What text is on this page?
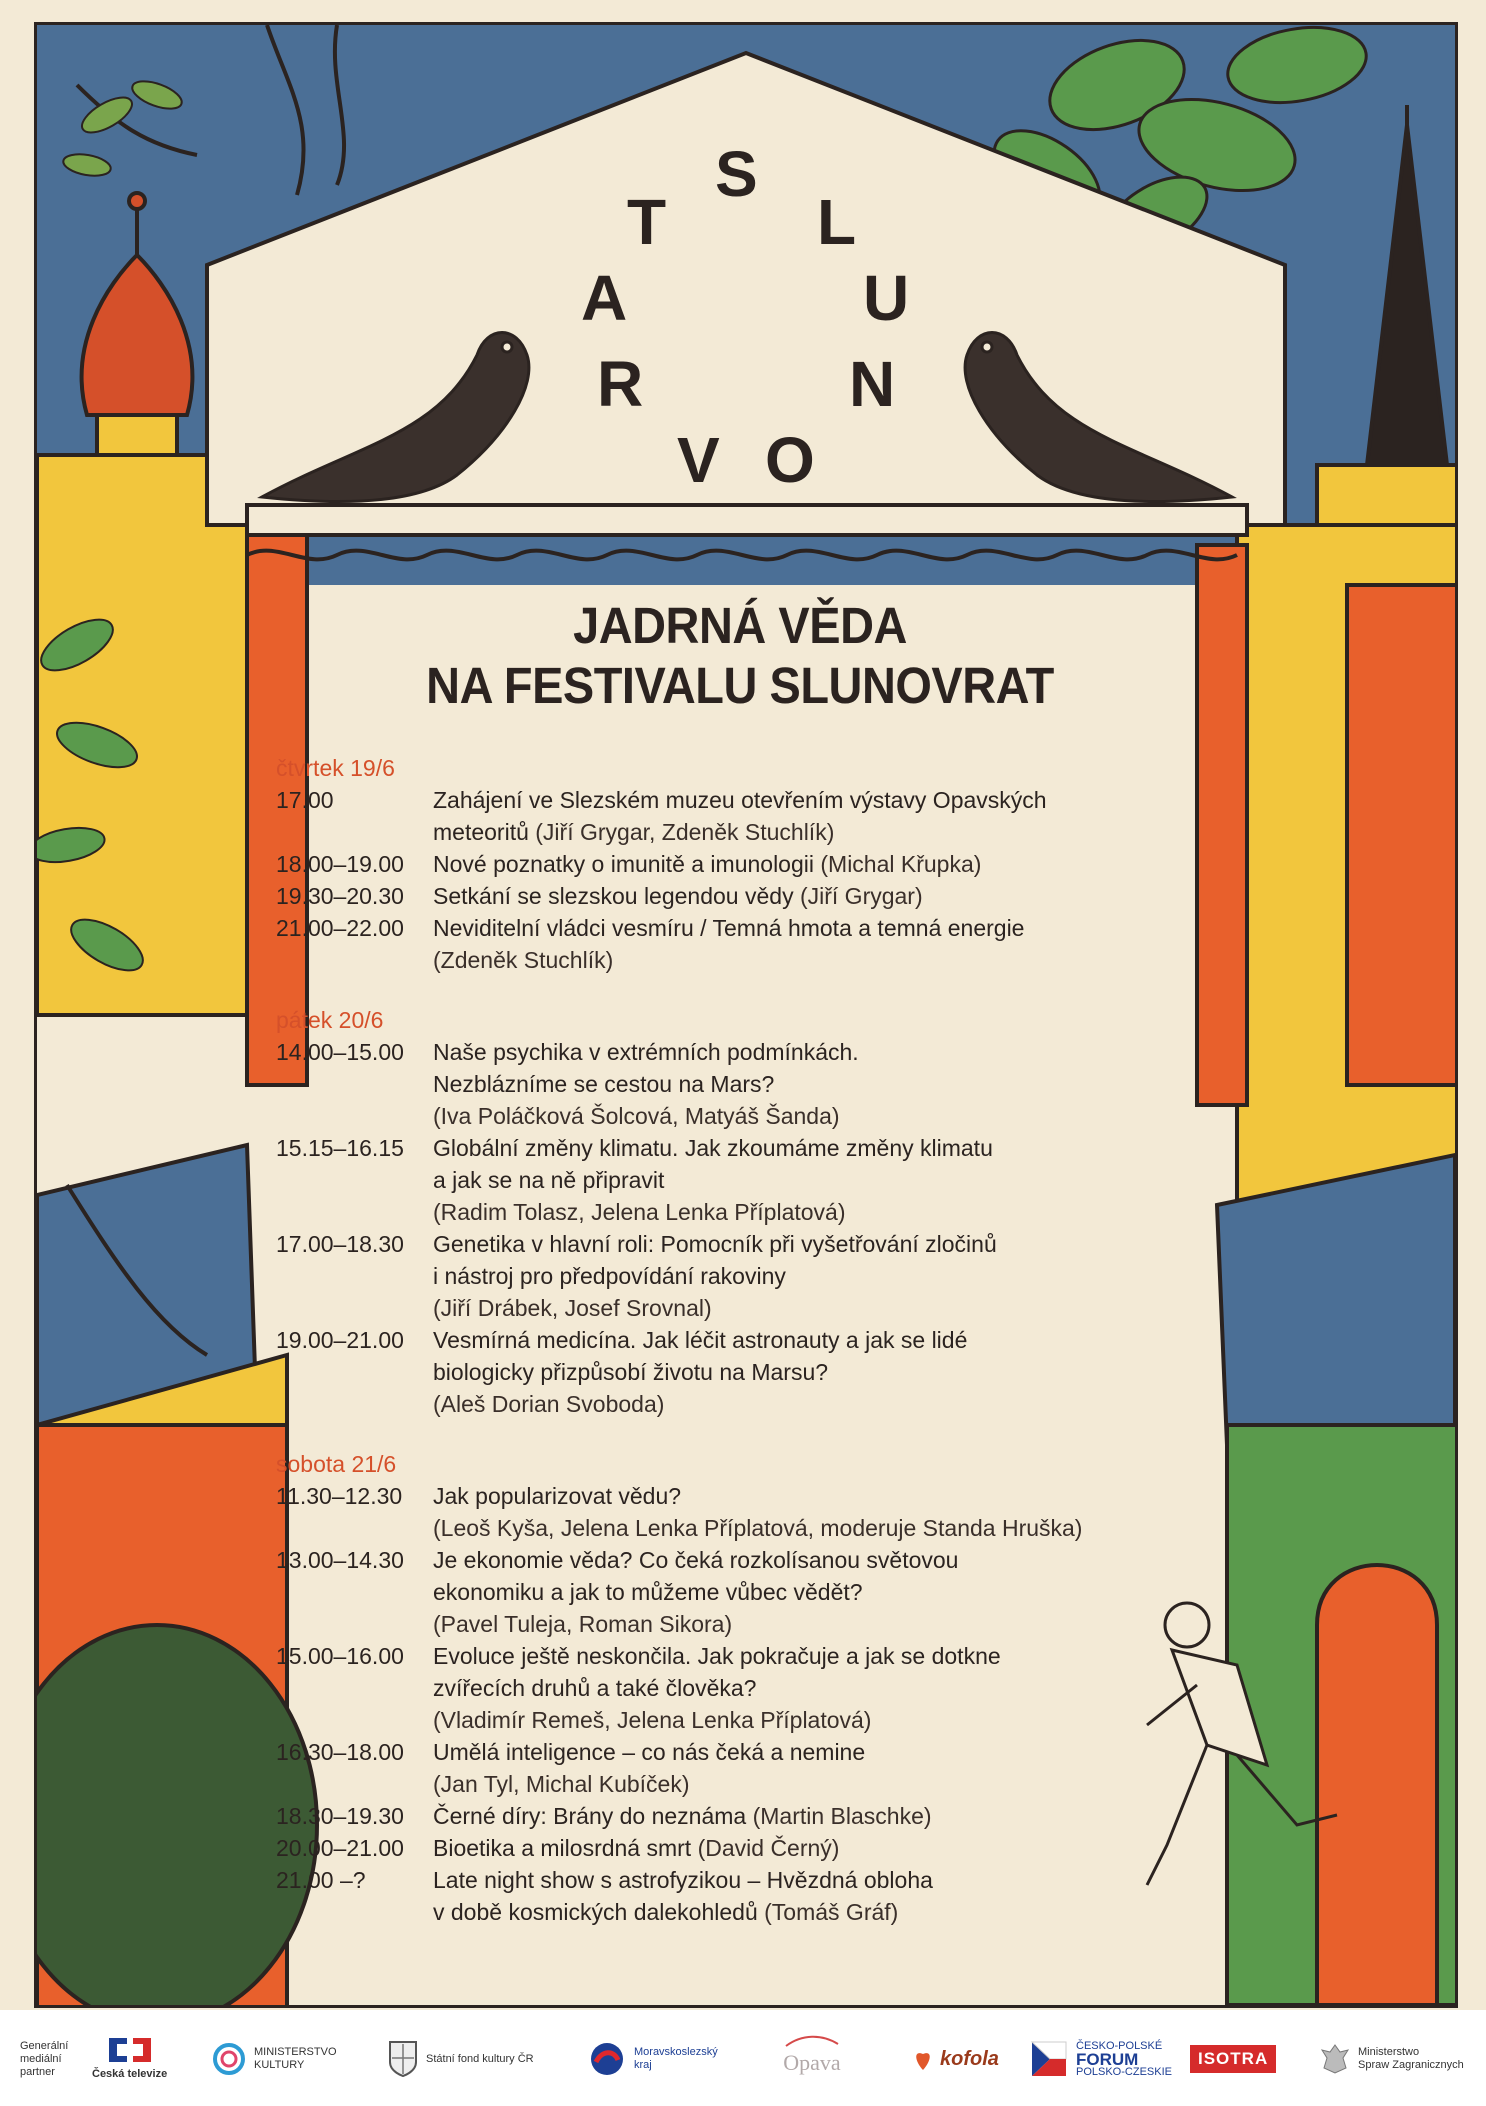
S
L
T
U
A
R	N
V O
JADRNÁ VĚDA
NA FESTIVALU SLUNOVRAT
čtvrtek 19/6
17.00	Zahájení ve Slezském muzeu otevřením výstavy Opavských
meteoritů (Jiří Grygar, Zdeněk Stuchlík)
18.00–19.00	Nové poznatky o imunitě a imunologii (Michal Křupka)
19.30–20.30	Setkání se slezskou legendou vědy (Jiří Grygar)
21.00–22.00	Neviditelní vládci vesmíru / Temná hmota a temná energie
(Zdeněk Stuchlík)
pátek 20/6
14.00–15.00	Naše psychika v extrémních podmínkách.
Nezblázníme se cestou na Mars?
(Iva Poláčková Šolcová, Matyáš Šanda)
15.15–16.15	Globální změny klimatu. Jak zkoumáme změny klimatu
a jak se na ně připravit
(Radim Tolasz, Jelena Lenka Příplatová)
17.00–18.30	Genetika v hlavní roli: Pomocník při vyšetřování zločinů
i nástroj pro předpovídání rakoviny
(Jiří Drábek, Josef Srovnal)
19.00–21.00	Vesmírná medicína. Jak léčit astronauty a jak se lidé
biologicky přizpůsobí životu na Marsu?
(Aleš Dorian Svoboda)
sobota 21/6
11.30–12.30	Jak popularizovat vědu?
(Leoš Kyša, Jelena Lenka Příplatová, moderuje Standa Hruška)
13.00–14.30	Je ekonomie věda? Co čeká rozkolísanou světovou
ekonomiku a jak to můžeme vůbec vědět?
(Pavel Tuleja, Roman Sikora)
15.00–16.00	Evoluce ještě neskončila. Jak pokračuje a jak se dotkne
zvířecích druhů a také člověka?
(Vladimír Remeš, Jelena Lenka Příplatová)
16.30–18.00	Umělá inteligence – co nás čeká a nemine
(Jan Tyl, Michal Kubíček)
18.30–19.30	Černé díry: Brány do neznáma (Martin Blaschke)
20.00–21.00	Bioetika a milosrdná smrt (David Černý)
21.00 –?	Late night show s astrofyzikou – Hvězdná obloha
v době kosmických dalekohledů (Tomáš Gráf)
Generální
mediální
partner	Česká televize
MINISTERSTVO
KULTURY
Státní fond kultury ČR
Moravskoslezský
kraj	Opava	kofola
ČESKO-POLSKÉ
FORUM
POLSKO-CZESKIE
ISOTRA	Ministerstwo
Spraw Zagranicznych
